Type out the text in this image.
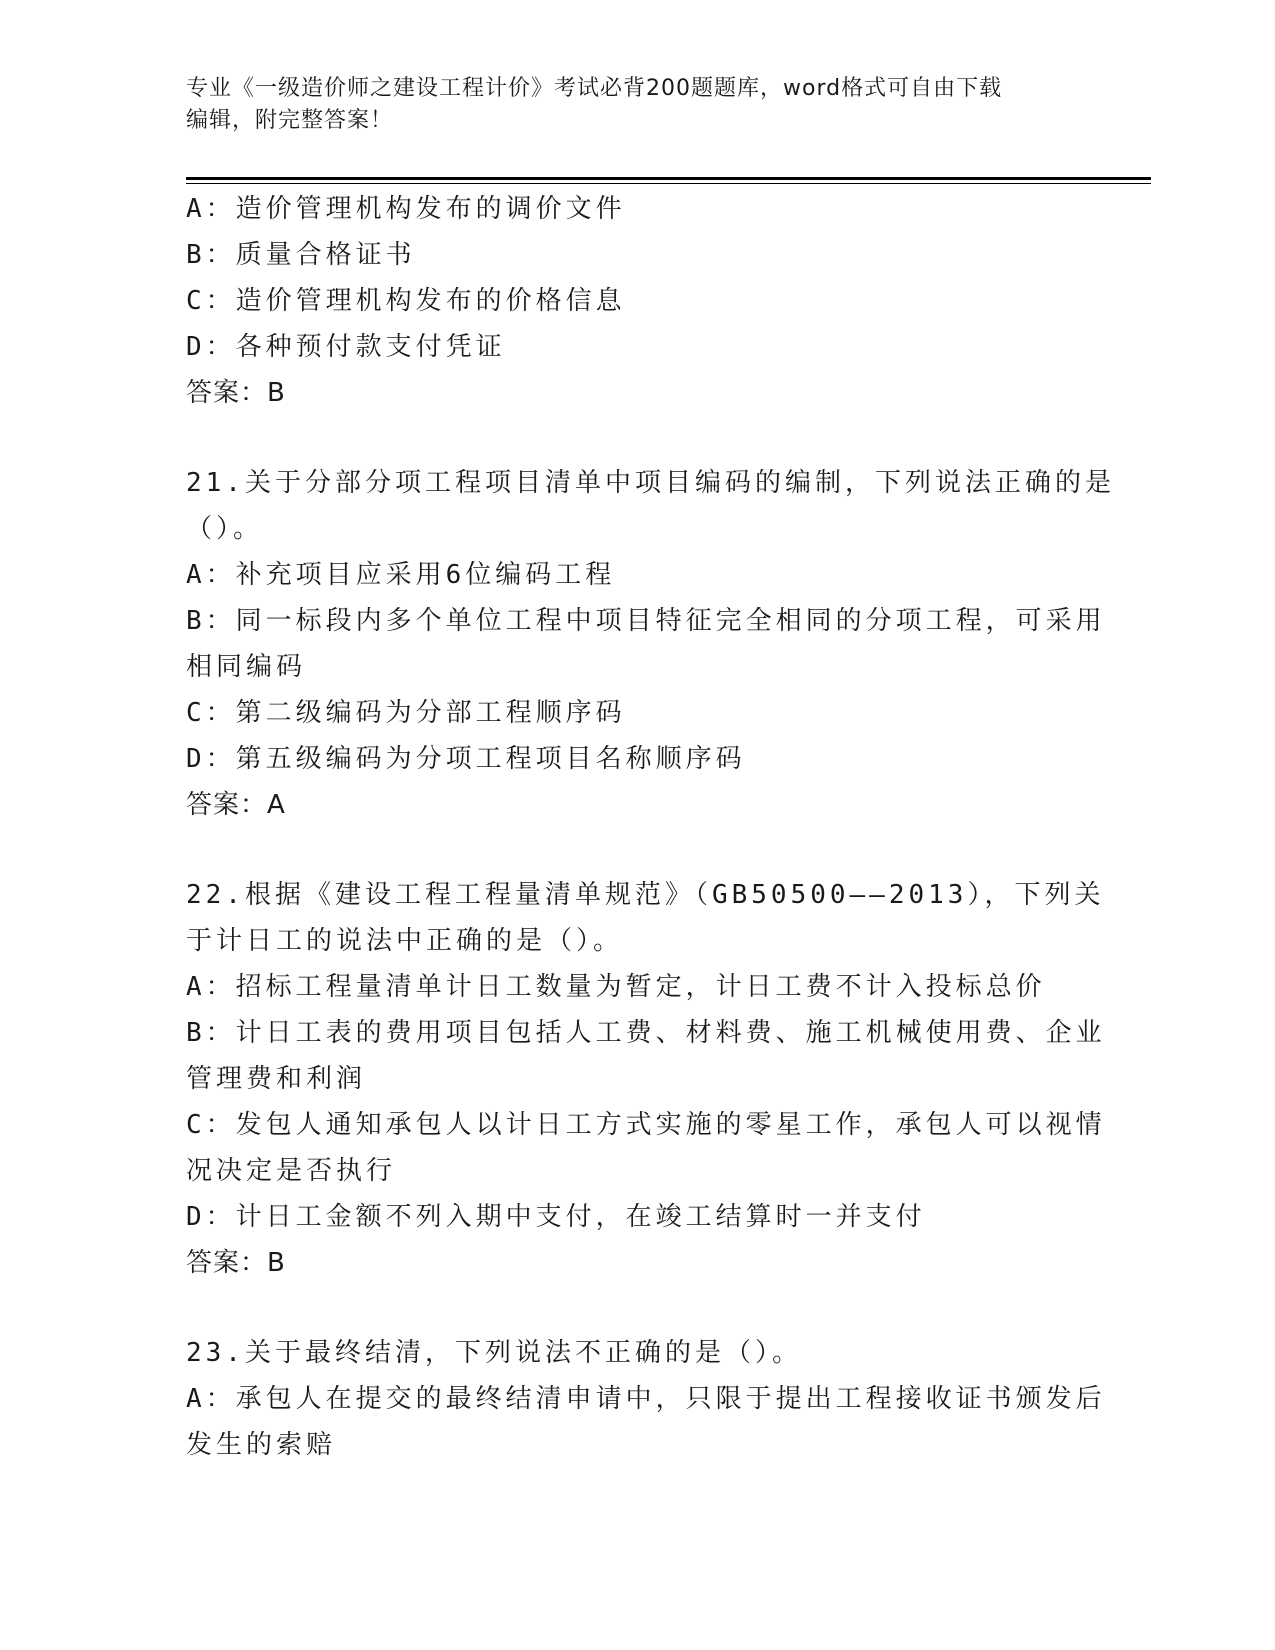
专业《一级造价师之建设工程计价》考试必背200题题库，word格式可自由下载
编辑，附完整答案！
A：造价管理机构发布的调价文件
B：质量合格证书
C：造价管理机构发布的价格信息
D：各种预付款支付凭证
答案：B
21.关于分部分项工程项目清单中项目编码的编制，下列说法正确的是
（）。
A：补充项目应采用6位编码工程
B：同一标段内多个单位工程中项目特征完全相同的分项工程，可采用
相同编码
C：第二级编码为分部工程顺序码
D：第五级编码为分项工程项目名称顺序码
答案：A
22.根据《建设工程工程量清单规范》（GB50500——2013），下列关
于计日工的说法中正确的是（）。
A：招标工程量清单计日工数量为暂定，计日工费不计入投标总价
B：计日工表的费用项目包括人工费、材料费、施工机械使用费、企业
管理费和利润
C：发包人通知承包人以计日工方式实施的零星工作，承包人可以视情
况决定是否执行
D：计日工金额不列入期中支付，在竣工结算时一并支付
答案：B
23.关于最终结清，下列说法不正确的是（）。
A：承包人在提交的最终结清申请中，只限于提出工程接收证书颁发后
发生的索赔
